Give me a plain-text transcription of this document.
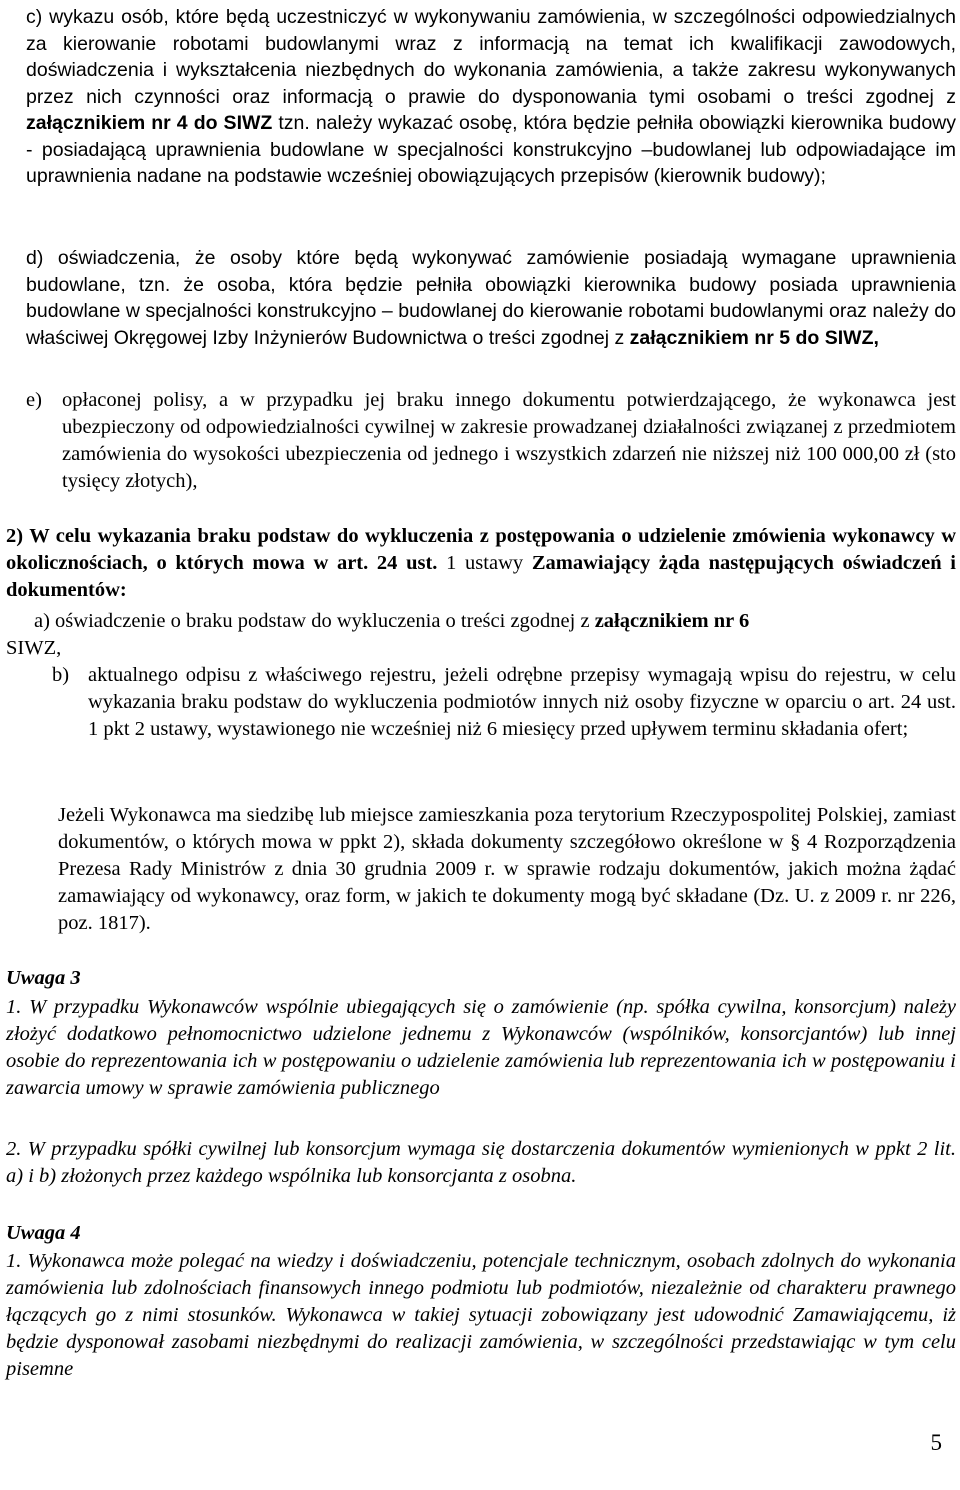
c) wykazu osób, które będą uczestniczyć w wykonywaniu zamówienia, w szczególności odpowiedzialnych za kierowanie robotami budowlanymi wraz z informacją na temat ich kwalifikacji zawodowych, doświadczenia i wykształcenia niezbędnych do wykonania zamówienia, a także zakresu wykonywanych przez nich czynności oraz informacją o prawie do dysponowania tymi osobami o treści zgodnej z załącznikiem nr 4 do SIWZ tzn. należy wykazać osobę, która będzie pełniła obowiązki kierownika budowy - posiadającą uprawnienia budowlane w specjalności konstrukcyjno –budowlanej lub odpowiadające im uprawnienia nadane na podstawie wcześniej obowiązujących przepisów (kierownik budowy);

d) oświadczenia, że osoby które będą wykonywać zamówienie posiadają wymagane uprawnienia budowlane, tzn. że osoba, która będzie pełniła obowiązki kierownika budowy posiada uprawnienia budowlane w specjalności konstrukcyjno – budowlanej do kierowanie robotami budowlanymi oraz należy do właściwej Okręgowej Izby Inżynierów Budownictwa o treści zgodnej z załącznikiem nr 5 do SIWZ,

e) opłaconej polisy, a w przypadku jej braku innego dokumentu potwierdzającego, że wykonawca jest ubezpieczony od odpowiedzialności cywilnej w zakresie prowadzanej działalności związanej z przedmiotem zamówienia do wysokości ubezpieczenia od jednego i wszystkich zdarzeń nie niższej niż 100 000,00 zł (sto tysięcy złotych),

2) W celu wykazania braku podstaw do wykluczenia z postępowania o udzielenie zmówienia wykonawcy w okolicznościach, o których mowa w art. 24 ust. 1 ustawy Zamawiający żąda następujących oświadczeń i dokumentów:

a) oświadczenie o braku podstaw do wykluczenia o treści zgodnej z załącznikiem nr 6

SIWZ,
b) aktualnego odpisu z właściwego rejestru, jeżeli odrębne przepisy wymagają wpisu do rejestru, w celu wykazania braku podstaw do wykluczenia podmiotów innych niż osoby fizyczne w oparciu o art. 24 ust. 1 pkt 2 ustawy, wystawionego nie wcześniej niż 6 miesięcy przed upływem terminu składania ofert;

Jeżeli Wykonawca ma siedzibę lub miejsce zamieszkania poza terytorium Rzeczypospolitej Polskiej, zamiast dokumentów, o których mowa w ppkt 2), składa dokumenty szczegółowo określone w § 4 Rozporządzenia Prezesa Rady Ministrów z dnia 30 grudnia 2009 r. w sprawie rodzaju dokumentów, jakich można żądać zamawiający od wykonawcy, oraz form, w jakich te dokumenty mogą być składane (Dz. U. z 2009 r. nr 226, poz. 1817).

Uwaga 3

1. W przypadku Wykonawców wspólnie ubiegających się o zamówienie (np. spółka cywilna, konsorcjum) należy złożyć dodatkowo pełnomocnictwo udzielone jednemu z Wykonawców (wspólników, konsorcjantów) lub innej osobie do reprezentowania ich w postępowaniu o udzielenie zamówienia lub reprezentowania ich w postępowaniu i zawarcia umowy w sprawie zamówienia publicznego

2. W przypadku spółki cywilnej lub konsorcjum wymaga się dostarczenia dokumentów wymienionych w ppkt 2 lit. a) i b) złożonych przez każdego wspólnika lub konsorcjanta z osobna.

Uwaga 4

1. Wykonawca może polegać na wiedzy i doświadczeniu, potencjale technicznym, osobach zdolnych do wykonania zamówienia lub zdolnościach finansowych innego podmiotu lub podmiotów, niezależnie od charakteru prawnego łączących go z nimi stosunków. Wykonawca w takiej sytuacji zobowiązany jest udowodnić Zamawiającemu, iż będzie dysponował zasobami niezbędnymi do realizacji zamówienia, w szczególności przedstawiając w tym celu pisemne

5
